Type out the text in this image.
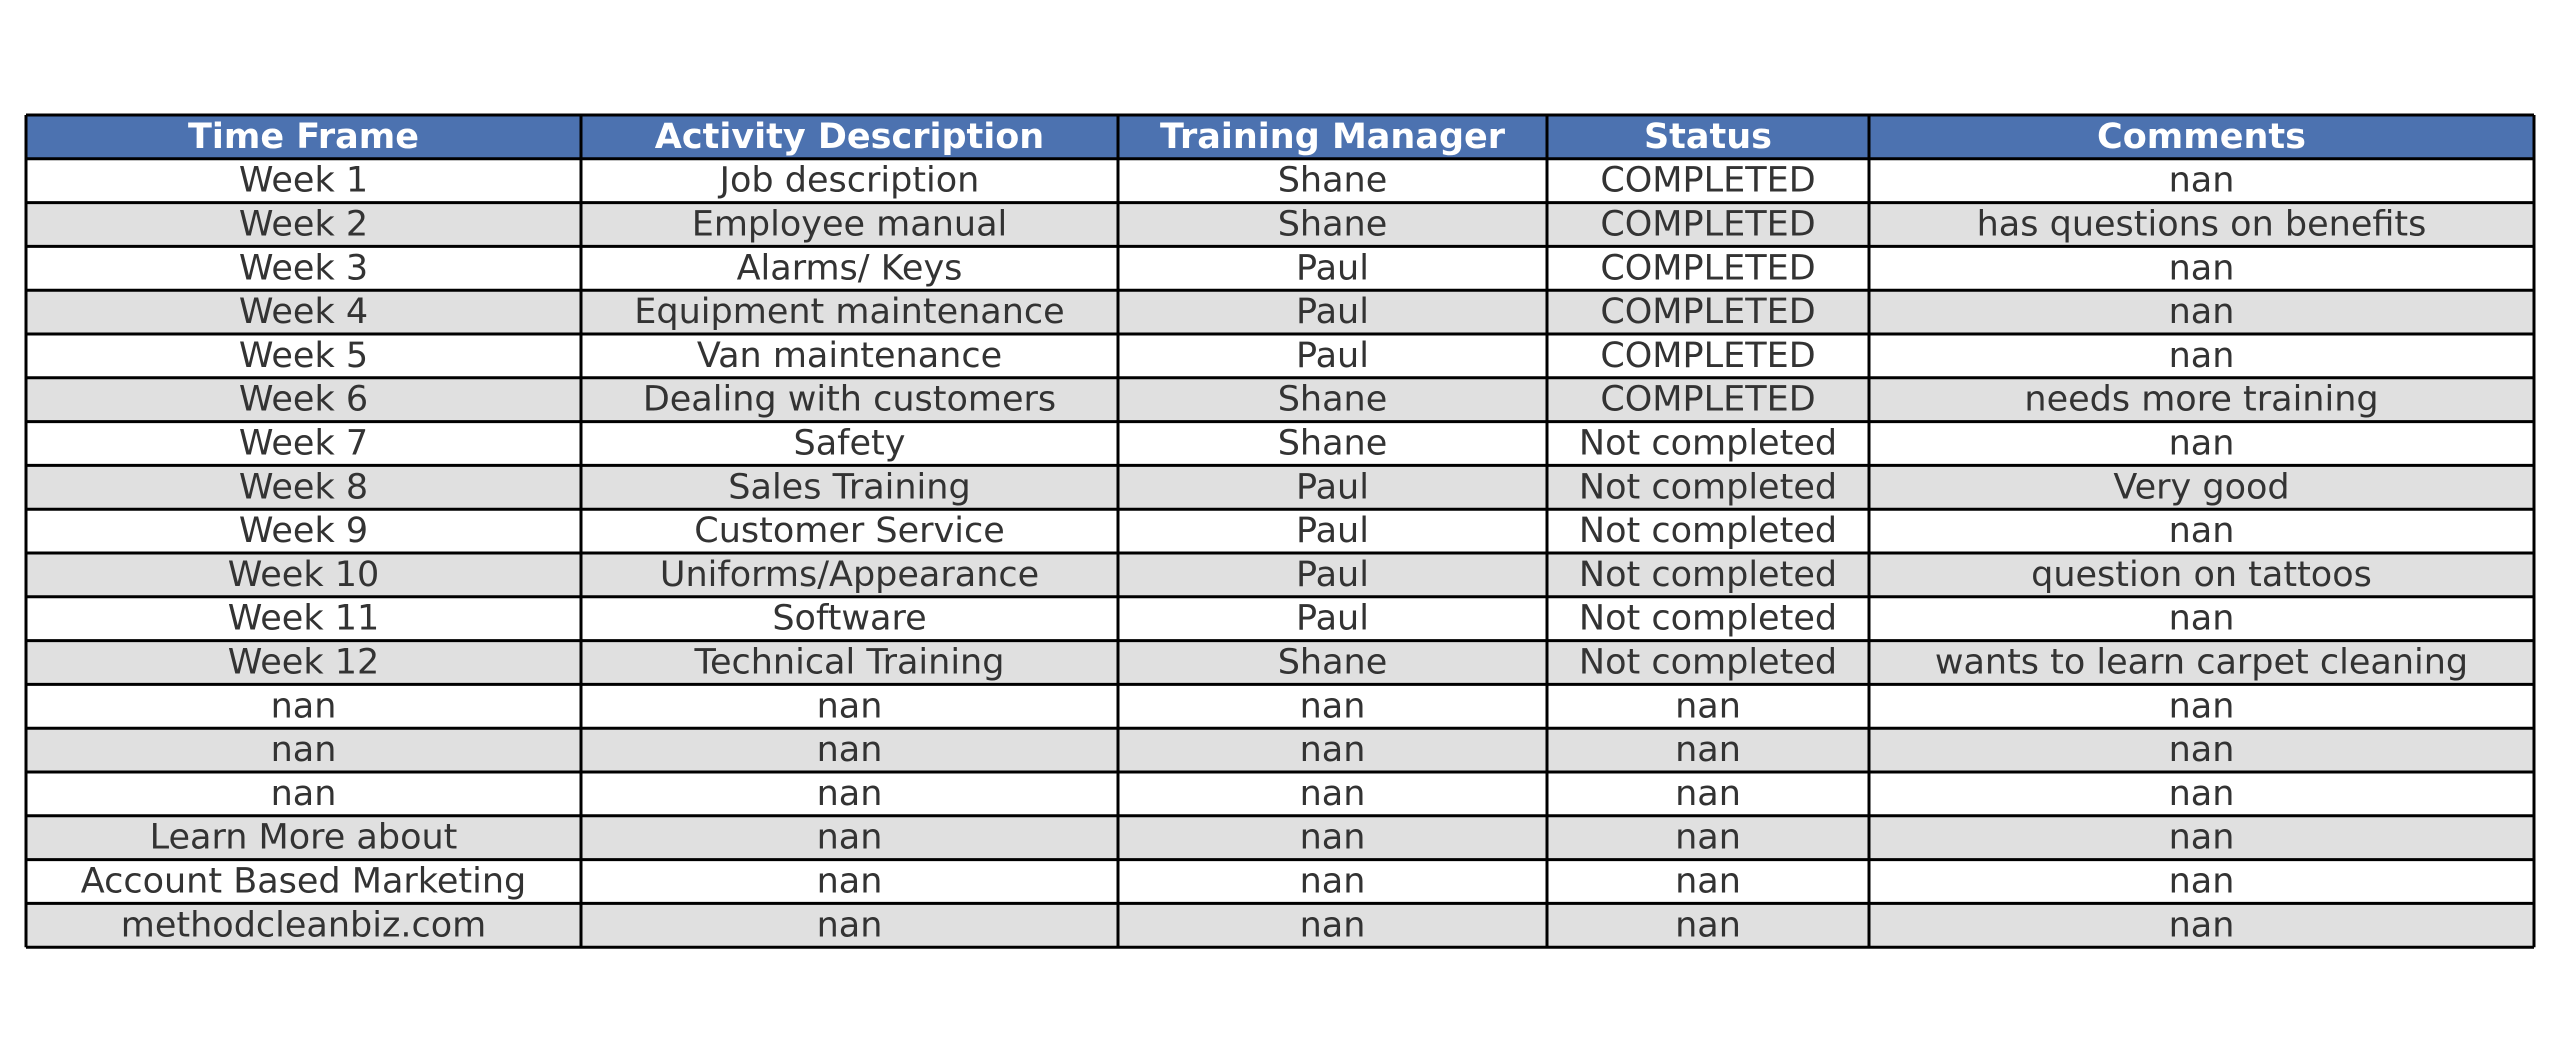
Time Frame	Activity Description	Training Manager	Status	Comments
Week 1	Job description	Shane	COMPLETED	nan
Week 2	Employee manual	Shane	COMPLETED	has questions on benefits
Week 3	Alarms/ Keys	Paul	COMPLETED	nan
Week 4	Equipment maintenance	Paul	COMPLETED	nan
Week 5	Van maintenance	Paul	COMPLETED	nan
Week 6	Dealing with customers	Shane	COMPLETED	needs more training
Week 7	Safety	Shane	Not completed	nan
Week 8	Sales Training	Paul	Not completed	Very good
Week 9	Customer Service	Paul	Not completed	nan
Week 10	Uniforms/Appearance	Paul	Not completed	question on tattoos
Week 11	Software	Paul	Not completed	nan
Week 12	Technical Training	Shane	Not completed	wants to learn carpet cleaning
nan	nan	nan	nan	nan
nan	nan	nan	nan	nan
nan	nan	nan	nan	nan
Learn More about	nan	nan	nan	nan
Account Based Marketing	nan	nan	nan	nan
methodcleanbiz.com	nan	nan	nan	nan
